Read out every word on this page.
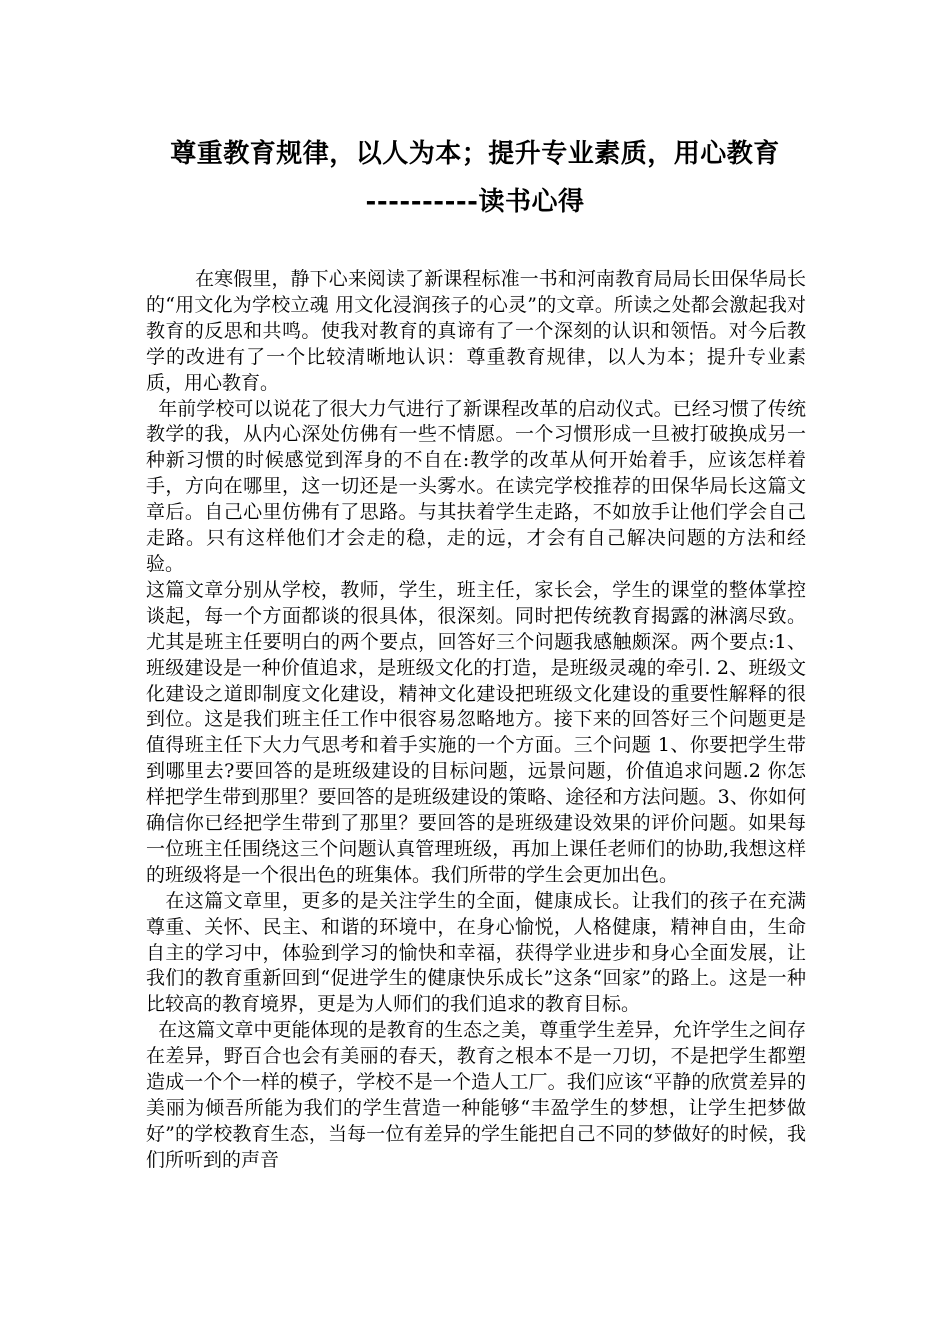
尊重教育规律，以人为本；提升专业素质，用心教育
----------读书心得

在寒假里，静下心来阅读了新课程标准一书和河南教育局局长田保华局长的“用文化为学校立魂 用文化浸润孩子的心灵”的文章。所读之处都会激起我对教育的反思和共鸣。使我对教育的真谛有了一个深刻的认识和领悟。对今后教学的改进有了一个比较清晰地认识：尊重教育规律，以人为本；提升专业素质，用心教育。

年前学校可以说花了很大力气进行了新课程改革的启动仪式。已经习惯了传统教学的我，从内心深处仿佛有一些不情愿。一个习惯形成一旦被打破换成另一种新习惯的时候感觉到浑身的不自在:教学的改革从何开始着手，应该怎样着手，方向在哪里，这一切还是一头雾水。在读完学校推荐的田保华局长这篇文章后。自己心里仿佛有了思路。与其扶着学生走路，不如放手让他们学会自己走路。只有这样他们才会走的稳，走的远，才会有自己解决问题的方法和经验。

这篇文章分别从学校，教师，学生，班主任，家长会，学生的课堂的整体掌控谈起，每一个方面都谈的很具体，很深刻。同时把传统教育揭露的淋漓尽致。尤其是班主任要明白的两个要点，回答好三个问题我感触颇深。两个要点:1、班级建设是一种价值追求，是班级文化的打造，是班级灵魂的牵引. 2、班级文化建设之道即制度文化建设，精神文化建设把班级文化建设的重要性解释的很到位。这是我们班主任工作中很容易忽略地方。接下来的回答好三个问题更是值得班主任下大力气思考和着手实施的一个方面。三个问题 1、你要把学生带到哪里去?要回答的是班级建设的目标问题，远景问题，价值追求问题.2 你怎样把学生带到那里？要回答的是班级建设的策略、途径和方法问题。3、你如何确信你已经把学生带到了那里？要回答的是班级建设效果的评价问题。如果每一位班主任围绕这三个问题认真管理班级，再加上课任老师们的协助,我想这样的班级将是一个很出色的班集体。我们所带的学生会更加出色。

在这篇文章里，更多的是关注学生的全面，健康成长。让我们的孩子在充满尊重、关怀、民主、和谐的环境中，在身心愉悦，人格健康，精神自由，生命自主的学习中，体验到学习的愉快和幸福，获得学业进步和身心全面发展，让我们的教育重新回到“促进学生的健康快乐成长”这条“回家”的路上。这是一种比较高的教育境界，更是为人师们的我们追求的教育目标。

在这篇文章中更能体现的是教育的生态之美，尊重学生差异，允许学生之间存在差异，野百合也会有美丽的春天，教育之根本不是一刀切，不是把学生都塑造成一个个一样的模子，学校不是一个造人工厂。我们应该“平静的欣赏差异的美丽为倾吾所能为我们的学生营造一种能够“丰盈学生的梦想，让学生把梦做好”的学校教育生态，当每一位有差异的学生能把自己不同的梦做好的时候，我们所听到的声音
